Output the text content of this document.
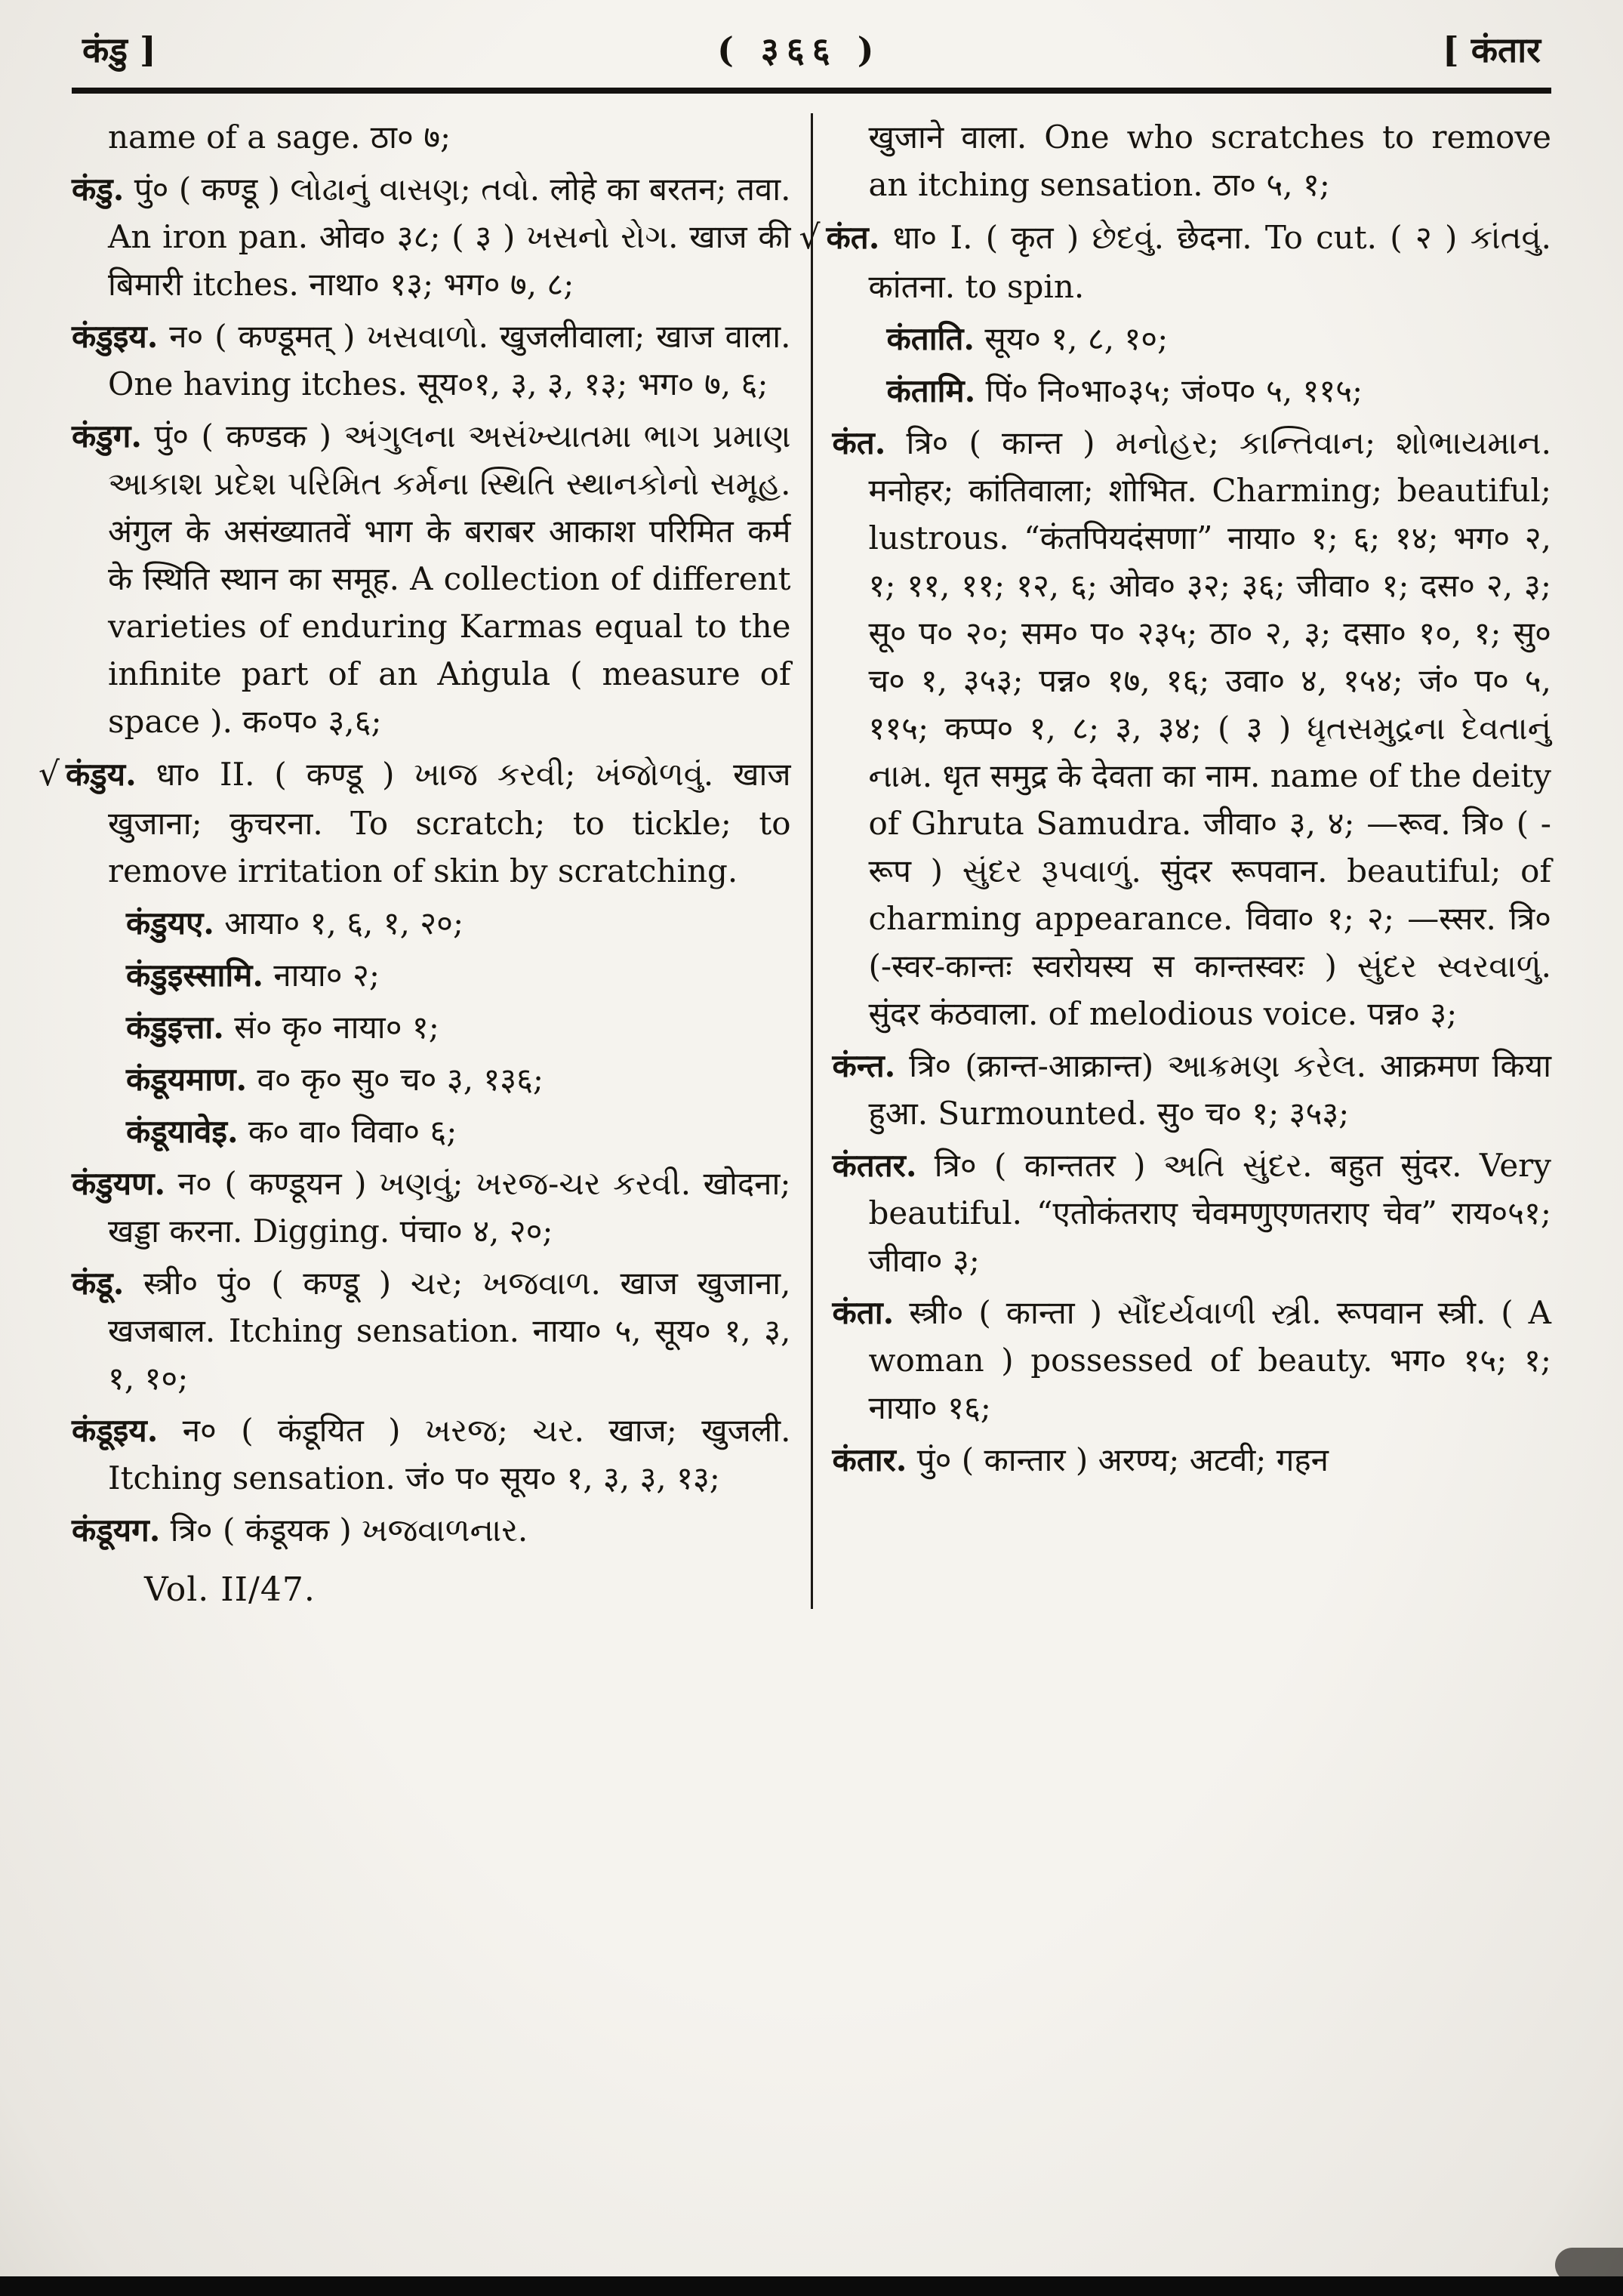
कंडु ]	( ३६६ )	[ कंतार

name of a sage. ठा० ७;

कंडु. पुं० ( कण्डू ) લોઢાનું વાસણ; તવો. लोहे का बरतन; तवा. An iron pan. ओव० ३८; ( ३ ) ખસનો રોગ. खाज की बिमारी itches. नाथा० १३; भग० ७, ८;

कंडुइय. न० ( कण्डूमत् ) ખસવાળો. खुजलीवाला; खाज वाला. One having itches. सूय०१, ३, ३, १३; भग० ७, ६;

कंडुग. पुं० ( कण्डक ) અંગુલના અસંખ્યાતમા ભાગ પ્રમાણ આકાશ પ્રદેશ પરિમિત કર્મના સ્થિતિ સ્થાનકોનો સમૂહ. अंगुल के असंख्यातवें भाग के बराबर आकाश परिमित कर्म के स्थिति स्थान का समूह. A collection of different varieties of enduring Karmas equal to the infinite part of an Aṅgula ( measure of space ). क०प० ३,६;

√ कंडुय. धा० II. ( कण्डू ) ખાજ કરવી; ખંજોળવું. खाज खुजाना; कुचरना. To scratch; to tickle; to remove irritation of skin by scratching.

कंडुयए. आया० १, ६, १, २०;

कंडुइस्सामि. नाया० २;

कंडुइत्ता. सं० कृ० नाया० १;

कंडूयमाण. व० कृ० सु० च० ३, १३६;

कंडूयावेइ. क० वा० विवा० ६;

कंडुयण. न० ( कण्डूयन ) ખણવું; ખરજ-ચર કરવી. खोदना; खड्डा करना. Digging. पंचा० ४, २०;

कंडू. स्त्री० पुं० ( कण्डू ) ચર; ખજવાળ. खाज खुजाना, खजबाल. Itching sensation. नाया० ५, सूय० १, ३, १, १०;

कंडूइय. न० ( कंडूयित ) ખરજ; ચર. खाज; खुजली. Itching sensation. जं० प० सूय० १, ३, ३, १३;

कंडूयग. त्रि० ( कंडूयक ) ખજવાળનાર.

Vol. II/47.

खुजाने वाला. One who scratches to remove an itching sensation. ठा० ५, १;

√ कंत. धा० I. ( कृत ) છેદવું. छेदना. To cut. ( २ ) કાંતવું. कांतना. to spin.

कंताति. सूय० १, ८, १०;

कंतामि. पिं० नि०भा०३५; जं०प० ५, ११५;

कंत. त्रि० ( कान्त ) મનોહર; કાન્તિવાન; શોભાયમાન. मनोहर; कांतिवाला; शोभित. Charming; beautiful; lustrous. “कंतपियदंसणा” नाया० १; ६; १४; भग० २, १; ११, ११; १२, ६; ओव० ३२; ३६; जीवा० १; दस० २, ३; सू० प० २०; सम० प० २३५; ठा० २, ३; दसा० १०, १; सु० च० १, ३५३; पन्न० १७, १६; उवा० ४, १५४; जं० प० ५, ११५; कप्प० १, ८; ३, ३४; ( ३ ) ધૃતસમુદ્રના દેવતાનું નામ. धृत समुद्र के देवता का नाम. name of the deity of Ghruta Samudra. जीवा० ३, ४; —रूव. त्रि० ( -रूप ) સુંદર રૂપવાળું. सुंदर रूपवान. beautiful; of charming appearance. विवा० १; २; —स्सर. त्रि० (-स्वर-कान्तः स्वरोयस्य स कान्तस्वरः ) સુંદર સ્વરવાળું. सुंदर कंठवाला. of melodious voice. पन्न० ३;

कंन्त. त्रि० (क्रान्त-आक्रान्त) આક્રમણ કરેલ. आक्रमण किया हुआ. Surmounted. सु० च० १; ३५३;

कंततर. त्रि० ( कान्ततर ) અતિ સુંદર. बहुत सुंदर. Very beautiful. “एतोकंतराए चेवमणुएणतराए चेव” राय०५१; जीवा० ३;

कंता. स्त्री० ( कान्ता ) સૌંદર્યવાળી સ્ત્રી. रूपवान स्त्री. ( A woman ) possessed of beauty. भग० १५; १; नाया० १६;

कंतार. पुं० ( कान्तार ) अरण्य; अटवी; गहन
